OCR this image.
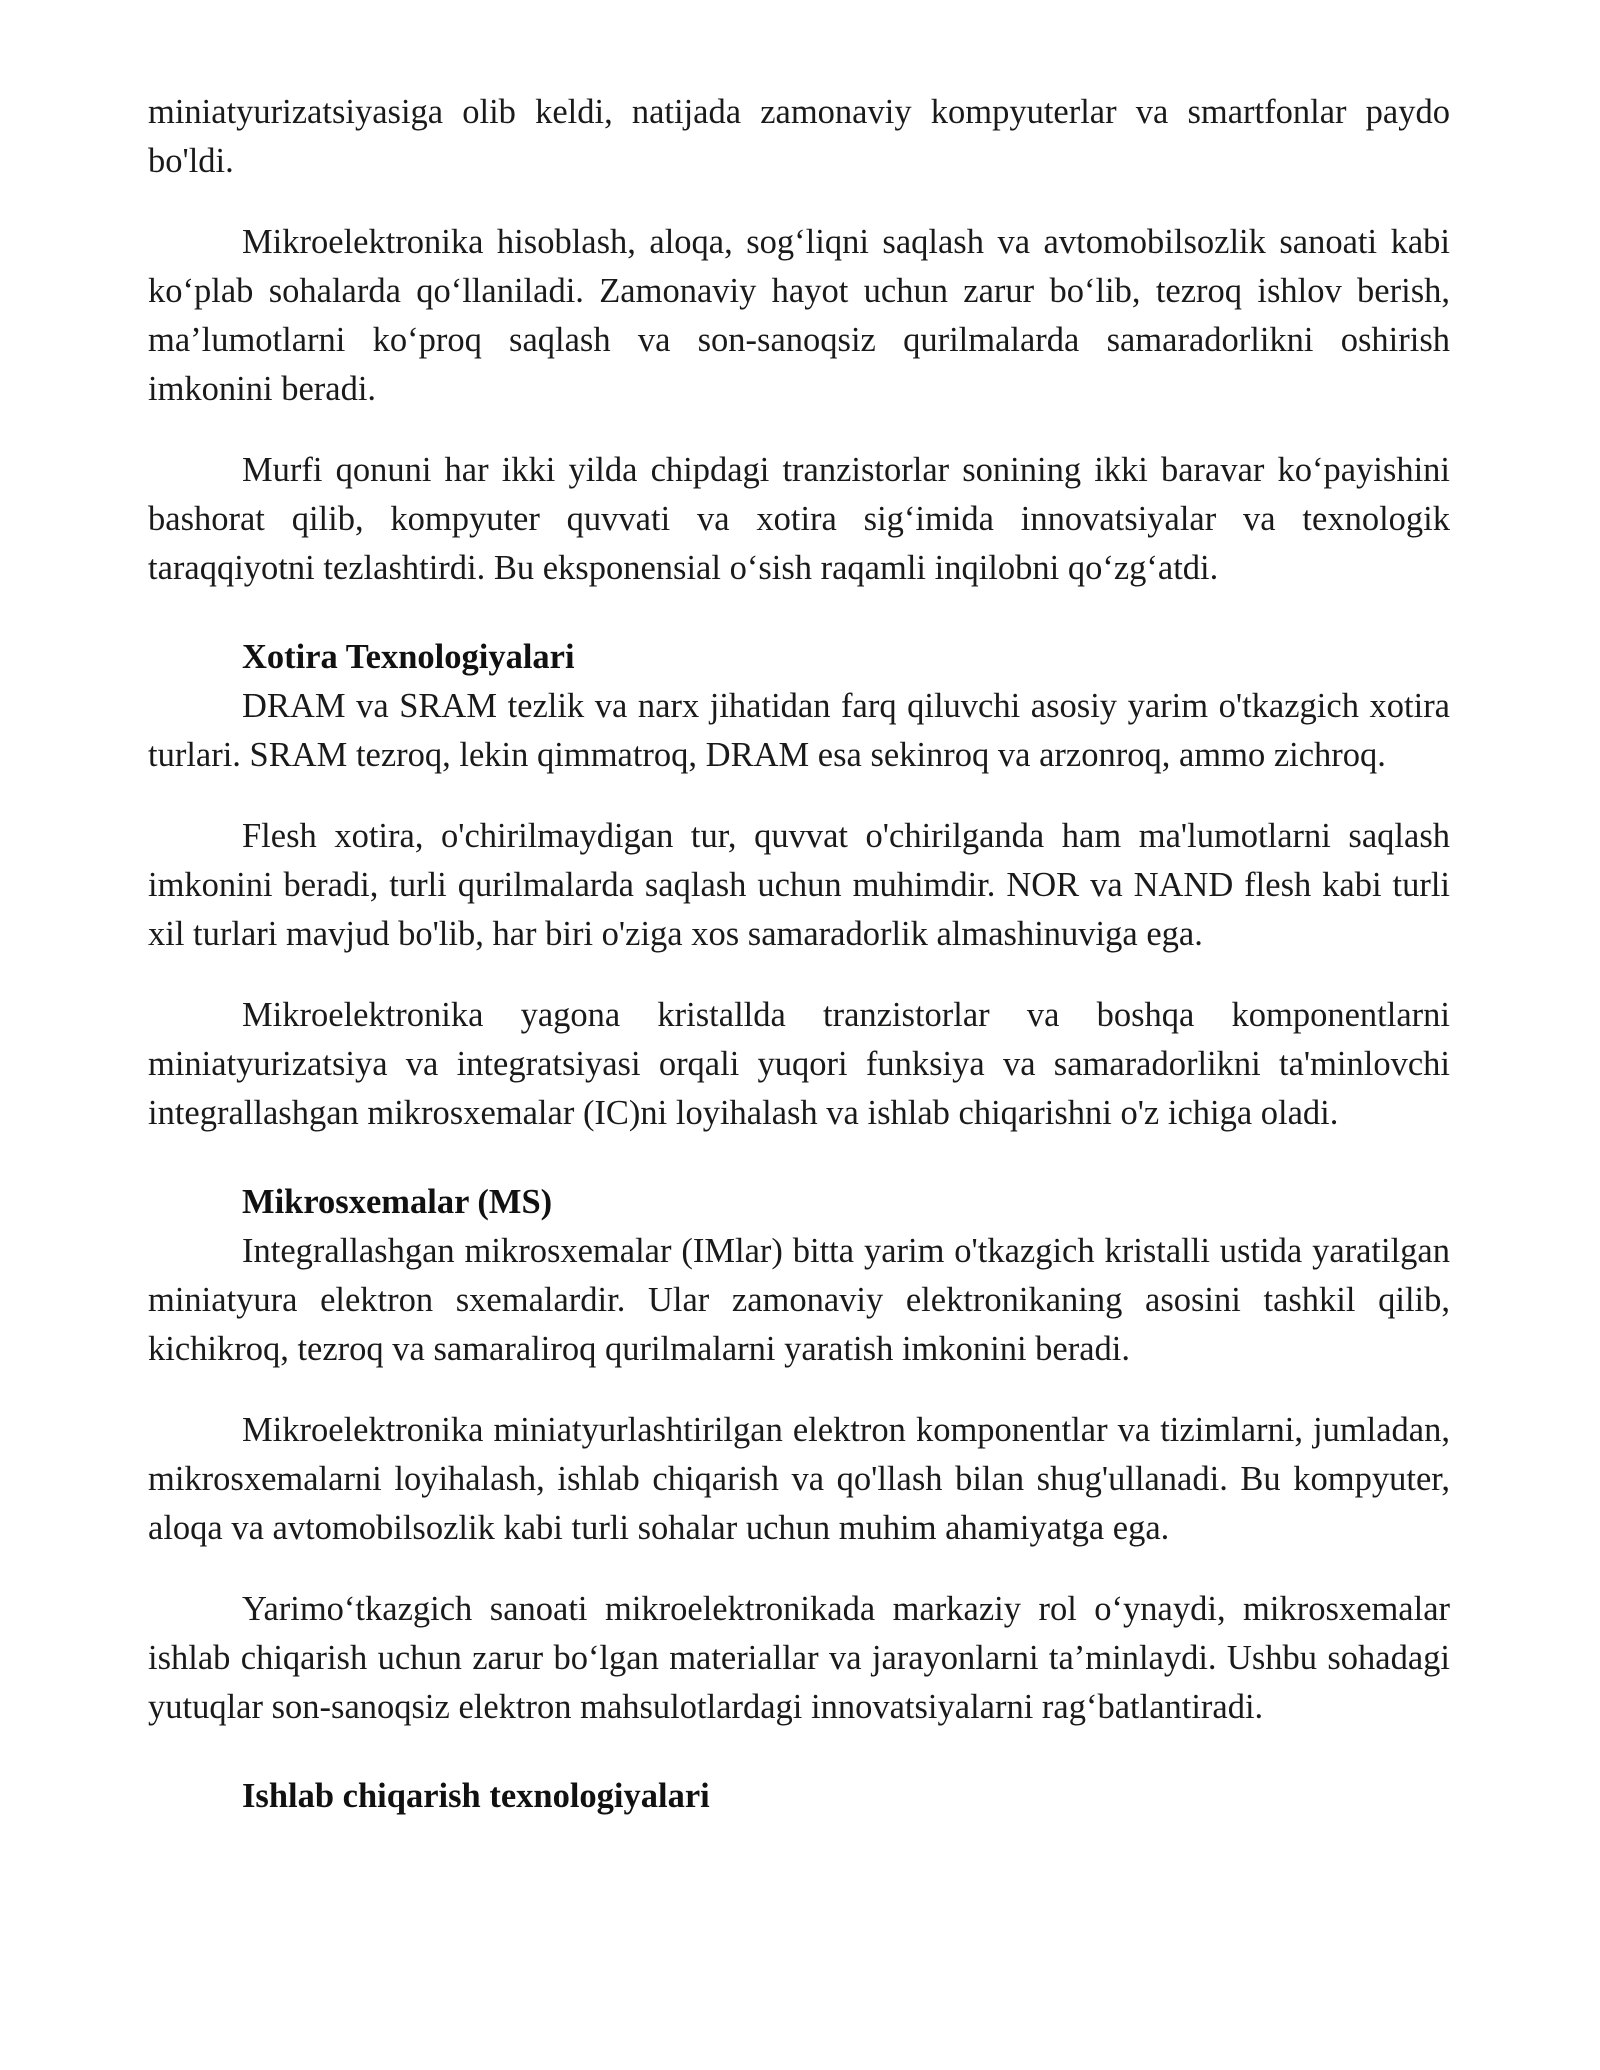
miniatyurizatsiyasiga olib keldi, natijada zamonaviy kompyuterlar va smartfonlar paydo bo'ldi.

Mikroelektronika hisoblash, aloqa, sog‘liqni saqlash va avtomobilsozlik sanoati kabi ko‘plab sohalarda qo‘llaniladi. Zamonaviy hayot uchun zarur bo‘lib, tezroq ishlov berish, ma’lumotlarni ko‘proq saqlash va son-sanoqsiz qurilmalarda samaradorlikni oshirish imkonini beradi.

Murfi qonuni har ikki yilda chipdagi tranzistorlar sonining ikki baravar ko‘payishini bashorat qilib, kompyuter quvvati va xotira sig‘imida innovatsiyalar va texnologik taraqqiyotni tezlashtirdi. Bu eksponensial o‘sish raqamli inqilobni qo‘zg‘atdi.

Xotira Texnologiyalari

DRAM va SRAM tezlik va narx jihatidan farq qiluvchi asosiy yarim o'tkazgich xotira turlari. SRAM tezroq, lekin qimmatroq, DRAM esa sekinroq va arzonroq, ammo zichroq.

Flesh xotira, o'chirilmaydigan tur, quvvat o'chirilganda ham ma'lumotlarni saqlash imkonini beradi, turli qurilmalarda saqlash uchun muhimdir. NOR va NAND flesh kabi turli xil turlari mavjud bo'lib, har biri o'ziga xos samaradorlik almashinuviga ega.

Mikroelektronika yagona kristallda tranzistorlar va boshqa komponentlarni miniatyurizatsiya va integratsiyasi orqali yuqori funksiya va samaradorlikni ta'minlovchi integrallashgan mikrosxemalar (IC)ni loyihalash va ishlab chiqarishni o'z ichiga oladi.

Mikrosxemalar (MS)

Integrallashgan mikrosxemalar (IMlar) bitta yarim o'tkazgich kristalli ustida yaratilgan miniatyura elektron sxemalardir. Ular zamonaviy elektronikaning asosini tashkil qilib, kichikroq, tezroq va samaraliroq qurilmalarni yaratish imkonini beradi.

Mikroelektronika miniatyurlashtirilgan elektron komponentlar va tizimlarni, jumladan, mikrosxemalarni loyihalash, ishlab chiqarish va qo'llash bilan shug'ullanadi. Bu kompyuter, aloqa va avtomobilsozlik kabi turli sohalar uchun muhim ahamiyatga ega.

Yarimo‘tkazgich sanoati mikroelektronikada markaziy rol o‘ynaydi, mikrosxemalar ishlab chiqarish uchun zarur bo‘lgan materiallar va jarayonlarni ta’minlaydi. Ushbu sohadagi yutuqlar son-sanoqsiz elektron mahsulotlardagi innovatsiyalarni rag‘batlantiradi.

Ishlab chiqarish texnologiyalari
